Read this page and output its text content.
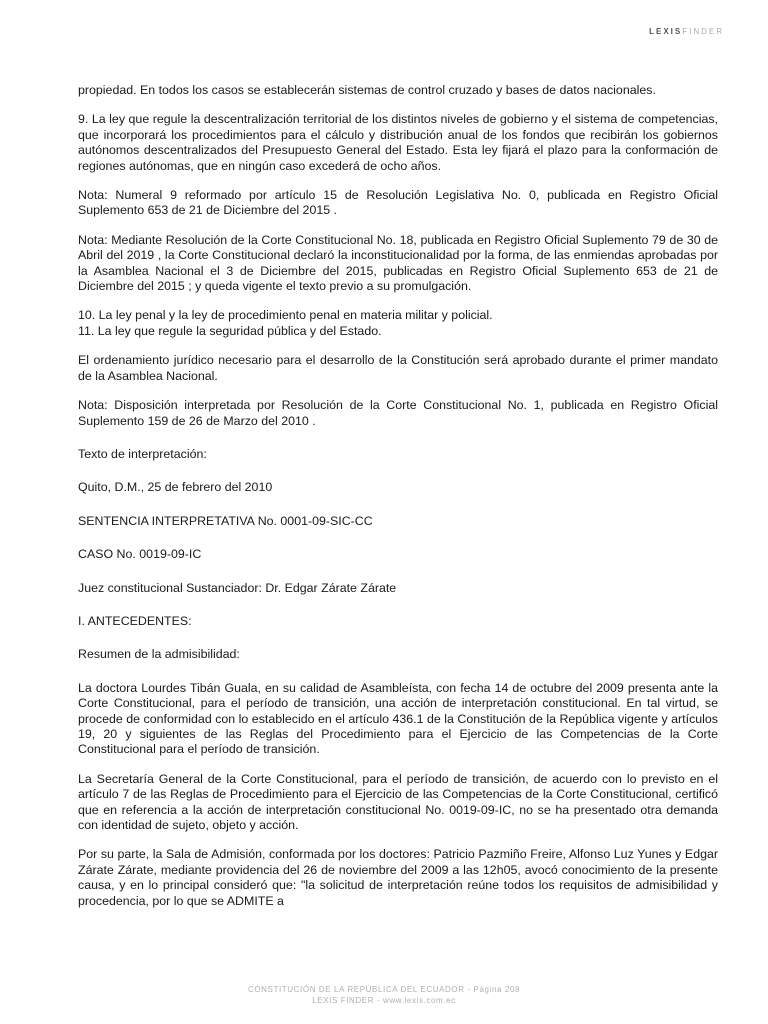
LEXISFINDER

propiedad. En todos los casos se establecerán sistemas de control cruzado y bases de datos nacionales.

9. La ley que regule la descentralización territorial de los distintos niveles de gobierno y el sistema de competencias, que incorporará los procedimientos para el cálculo y distribución anual de los fondos que recibirán los gobiernos autónomos descentralizados del Presupuesto General del Estado. Esta ley fijará el plazo para la conformación de regiones autónomas, que en ningún caso excederá de ocho años.

Nota: Numeral 9 reformado por artículo 15 de Resolución Legislativa No. 0, publicada en Registro Oficial Suplemento 653 de 21 de Diciembre del 2015 .

Nota: Mediante Resolución de la Corte Constitucional No. 18, publicada en Registro Oficial Suplemento 79 de 30 de Abril del 2019 , la Corte Constitucional declaró la inconstitucionalidad por la forma, de las enmiendas aprobadas por la Asamblea Nacional el 3 de Diciembre del 2015, publicadas en Registro Oficial Suplemento 653 de 21 de Diciembre del 2015 ; y queda vigente el texto previo a su promulgación.

10. La ley penal y la ley de procedimiento penal en materia militar y policial.

11. La ley que regule la seguridad pública y del Estado.

El ordenamiento jurídico necesario para el desarrollo de la Constitución será aprobado durante el primer mandato de la Asamblea Nacional.

Nota: Disposición interpretada por Resolución de la Corte Constitucional No. 1, publicada en Registro Oficial Suplemento 159 de 26 de Marzo del 2010 .

Texto de interpretación:

Quito, D.M., 25 de febrero del 2010

SENTENCIA INTERPRETATIVA No. 0001-09-SIC-CC

CASO No. 0019-09-IC

Juez constitucional Sustanciador: Dr. Edgar Zárate Zárate

I. ANTECEDENTES:

Resumen de la admisibilidad:

La doctora Lourdes Tibán Guala, en su calidad de Asambleísta, con fecha 14 de octubre del 2009 presenta ante la Corte Constitucional, para el período de transición, una acción de interpretación constitucional. En tal virtud, se procede de conformidad con lo establecido en el artículo 436.1 de la Constitución de la República vigente y artículos 19, 20 y siguientes de las Reglas del Procedimiento para el Ejercicio de las Competencias de la Corte Constitucional para el período de transición.

La Secretaría General de la Corte Constitucional, para el período de transición, de acuerdo con lo previsto en el artículo 7 de las Reglas de Procedimiento para el Ejercicio de las Competencias de la Corte Constitucional, certificó que en referencia a la acción de interpretación constitucional No. 0019-09-IC, no se ha presentado otra demanda con identidad de sujeto, objeto y acción.

Por su parte, la Sala de Admisión, conformada por los doctores: Patricio Pazmiño Freire, Alfonso Luz Yunes y Edgar Zárate Zárate, mediante providencia del 26 de noviembre del 2009 a las 12h05, avocó conocimiento de la presente causa, y en lo principal consideró que: "la solicitud de interpretación reúne todos los requisitos de admisibilidad y procedencia, por lo que se ADMITE a

CONSTITUCIÓN DE LA REPÚBLICA DEL ECUADOR - Página 208
LEXIS FINDER - www.lexis.com.ec
